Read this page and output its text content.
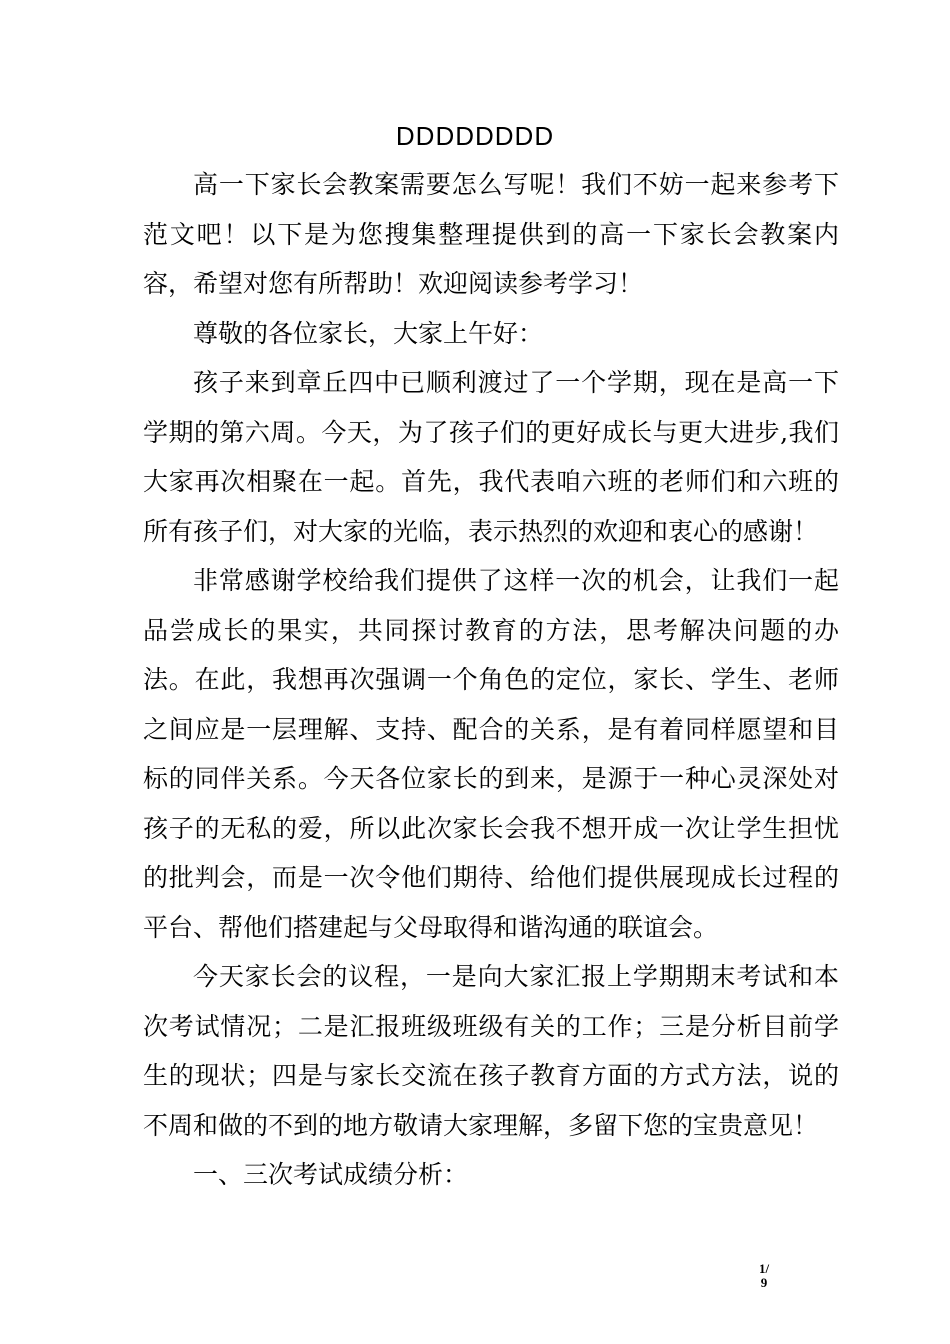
DDDDDDDD

高一下家长会教案需要怎么写呢！我们不妨一起来参考下范文吧！以下是为您搜集整理提供到的高一下家长会教案内容，希望对您有所帮助！欢迎阅读参考学习！

尊敬的各位家长，大家上午好：

孩子来到章丘四中已顺利渡过了一个学期，现在是高一下学期的第六周。今天，为了孩子们的更好成长与更大进步,我们大家再次相聚在一起。首先，我代表咱六班的老师们和六班的所有孩子们，对大家的光临，表示热烈的欢迎和衷心的感谢！

非常感谢学校给我们提供了这样一次的机会，让我们一起品尝成长的果实，共同探讨教育的方法，思考解决问题的办法。在此，我想再次强调一个角色的定位，家长、学生、老师之间应是一层理解、支持、配合的关系，是有着同样愿望和目标的同伴关系。今天各位家长的到来，是源于一种心灵深处对孩子的无私的爱，所以此次家长会我不想开成一次让学生担忧的批判会，而是一次令他们期待、给他们提供展现成长过程的平台、帮他们搭建起与父母取得和谐沟通的联谊会。

今天家长会的议程，一是向大家汇报上学期期末考试和本次考试情况；二是汇报班级班级有关的工作；三是分析目前学生的现状；四是与家长交流在孩子教育方面的方式方法，说的不周和做的不到的地方敬请大家理解，多留下您的宝贵意见！

一、三次考试成绩分析：

1/
9
